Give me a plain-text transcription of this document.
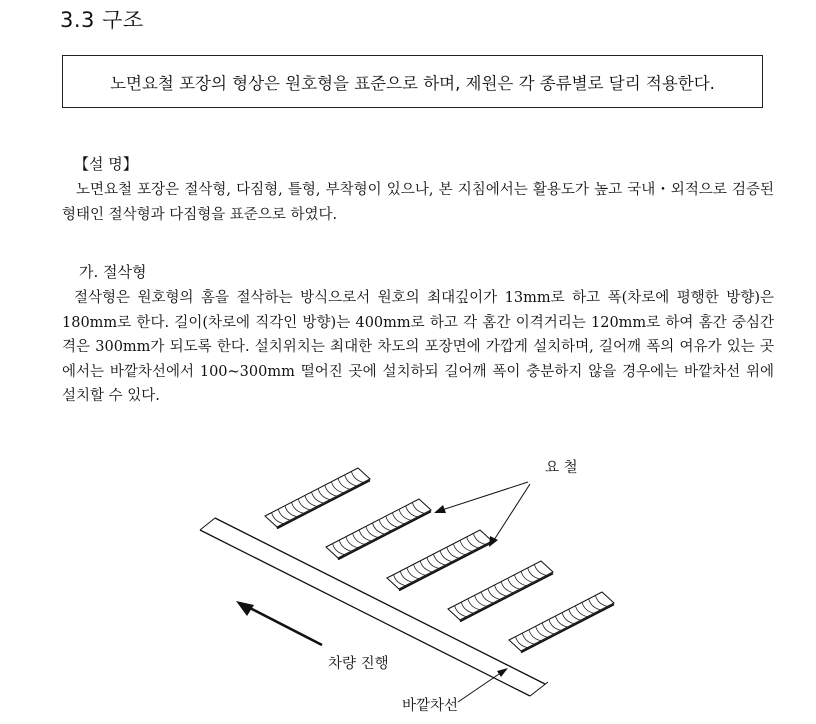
3.3 구조
노면요철 포장의 형상은 원호형을 표준으로 하며, 제원은 각 종류별로 달리 적용한다.
【설 명】
노면요철 포장은 절삭형, 다짐형, 틀형, 부착형이 있으나, 본 지침에서는 활용도가 높고 국내・외적으로 검증된 형태인 절삭형과 다짐형을 표준으로 하였다.
가. 절삭형
절삭형은 원호형의 홈을 절삭하는 방식으로서 원호의 최대깊이가 13mm로 하고 폭(차로에 평행한 방향)은 180mm로 한다. 길이(차로에 직각인 방향)는 400mm로 하고 각 홈간 이격거리는 120mm로 하여 홈간 중심간격은 300mm가 되도록 한다. 설치위치는 최대한 차도의 포장면에 가깝게 설치하며, 길어깨 폭의 여유가 있는 곳에서는 바깥차선에서 100~300mm 떨어진 곳에 설치하되 길어깨 폭이 충분하지 않을 경우에는 바깥차선 위에 설치할 수 있다.
요 철
차량 진행
바깥차선
